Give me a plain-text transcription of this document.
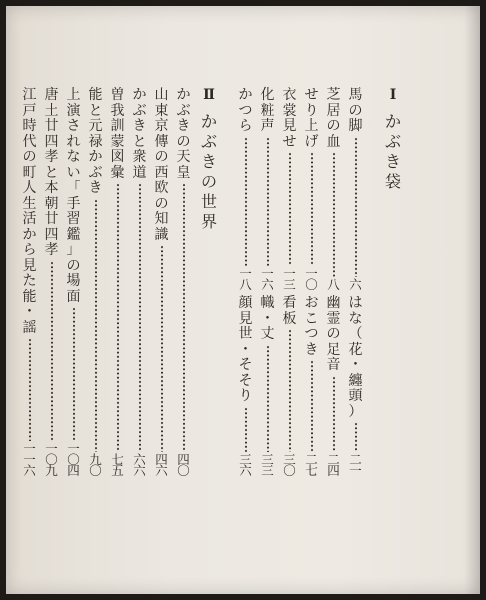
Ⅰ
か
ぶ
き
袋
Ⅱ
か
ぶ
き
の
世
界
馬
の
脚
六
芝
居
の
血
八
せ
り
上
げ
一
〇
衣
裳
見
せ
一
三
化
粧
声
一
六
か
つ
ら
一
八
は
な
（
花
・
纏
頭
）
二
一
幽
霊
の
足
音
二
四
お
こ
つ
き
二
七
看
板
三
〇
幟
・
丈
三
三
顔
見
世
・
そ
そ
り
三
六
か
ぶ
き
の
天
皇
四
〇
山
東
京
傳
の
西
欧
の
知
識
四
六
か
ぶ
き
と
衆
道
六
六
曽
我
訓
蒙
図
彙
七
五
能
と
元
禄
か
ぶ
き
九
〇
上
演
さ
れ
な
い
「
手
習
鑑
」
の
場
面
一
〇
四
唐
土
廿
四
孝
と
本
朝
廿
四
孝
一
〇
九
江
戸
時
代
の
町
人
生
活
か
ら
見
た
能
・
謡
一
一
六
